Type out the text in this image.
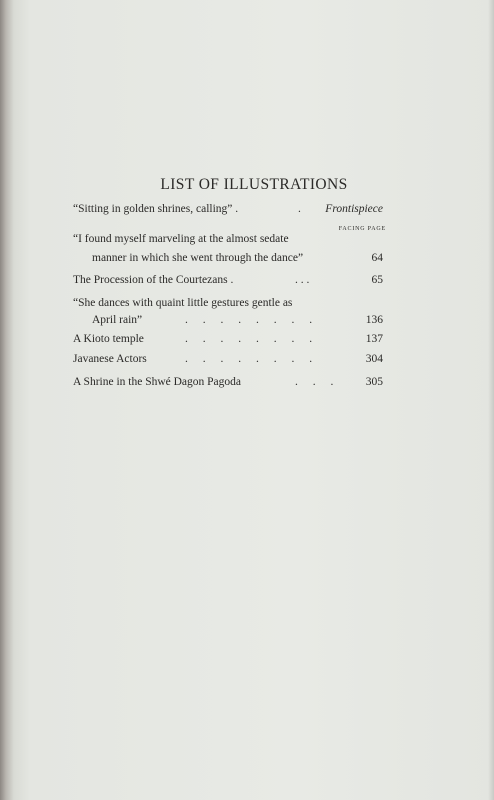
LIST OF ILLUSTRATIONS
“Sitting in golden shrines, calling” .	. Frontispiece
FACING PAGE
“I found myself marveling at the almost sedate
manner in which she went through the dance”	64
The Procession of the Courtezans .	. . .	65
“She dances with quaint little gestures gentle as
April rain”	. . . . . . . .	136
A Kioto temple	. . . . . . . .	137
Javanese Actors	. . . . . . . .	304
A Shrine in the Shwé Dagon Pagoda	. . .	305
